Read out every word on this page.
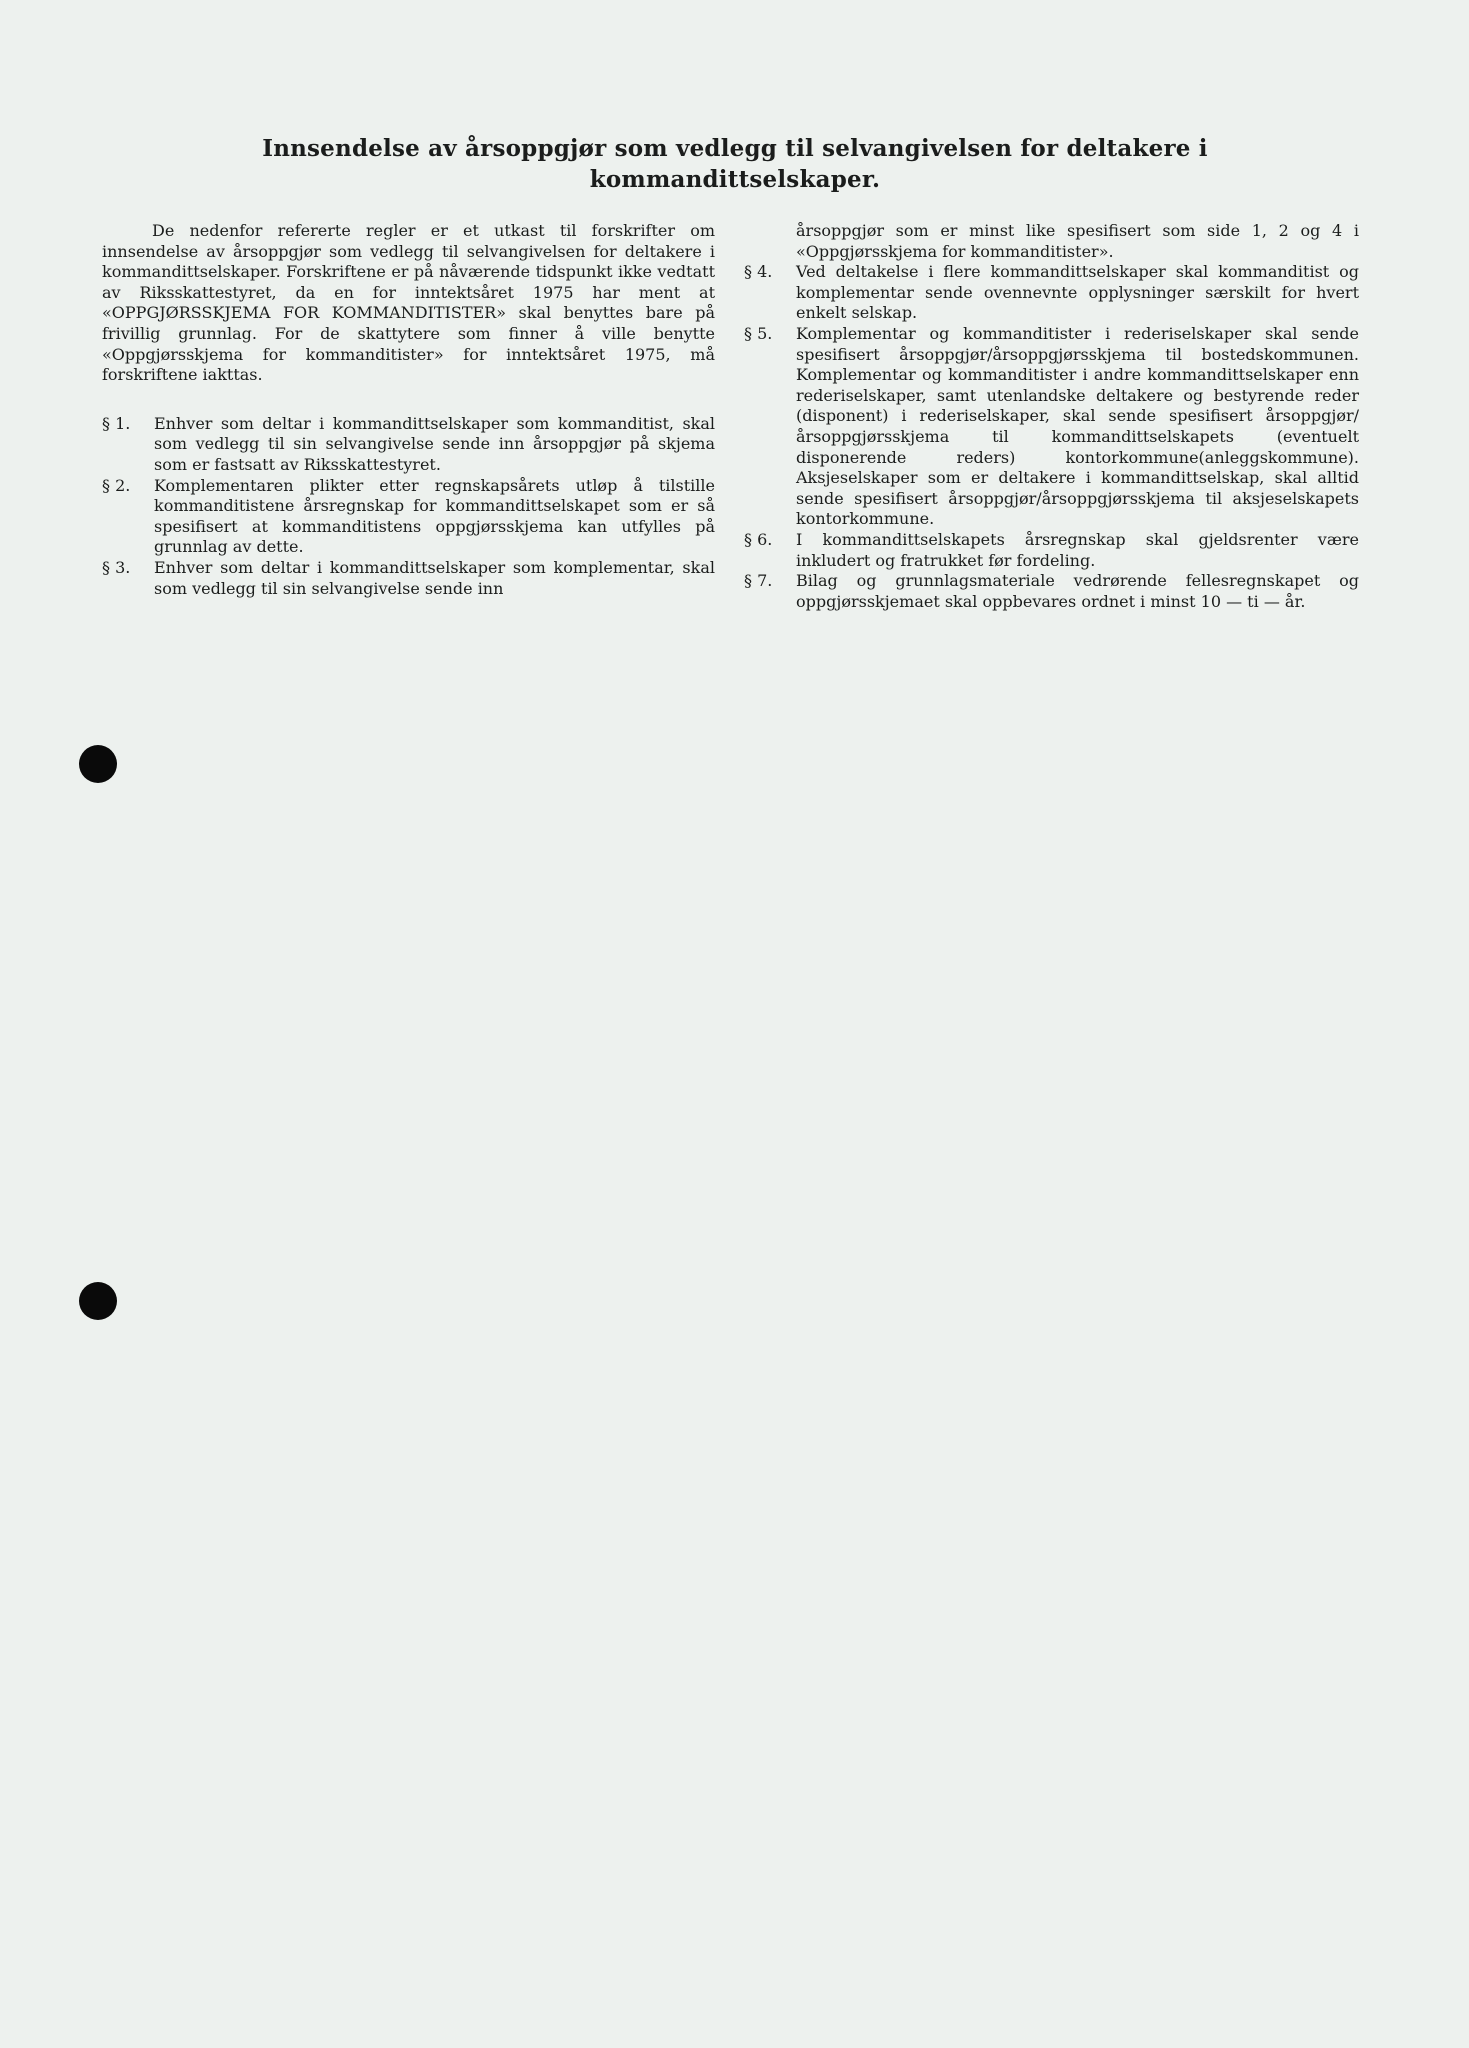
Innsendelse av årsoppgjør som vedlegg til selvangivelsen for deltakere i kommandittselskaper.

De nedenfor refererte regler er et utkast til forskrifter om innsendelse av årsoppgjør som vedlegg til selvangivelsen for deltakere i kommandittselskaper. Forskriftene er på nåværende tidspunkt ikke vedtatt av Riksskattestyret, da en for inntektsåret 1975 har ment at «OPPGJØRSSKJEMA FOR KOMMANDITISTER» skal benyttes bare på frivillig grunnlag. For de skattytere som finner å ville benytte «Oppgjørsskjema for kommanditister» for inntektsåret 1975, må forskriftene iakttas.

§ 1.	Enhver som deltar i kommandittselskaper som kommanditist, skal som vedlegg til sin selvangivelse sende inn årsoppgjør på skjema som er fastsatt av Riksskattestyret.
§ 2.	Komplementaren plikter etter regnskapsårets utløp å tilstille kommanditistene årsregnskap for kommandittselskapet som er så spesifisert at kommanditistens oppgjørsskjema kan utfylles på grunnlag av dette.
§ 3.	Enhver som deltar i kommandittselskaper som komplementar, skal som vedlegg til sin selvangivelse sende inn

årsoppgjør som er minst like spesifisert som side 1, 2 og 4 i «Oppgjørsskjema for kommanditister».

§ 4.	Ved deltakelse i flere kommandittselskaper skal kommanditist og komplementar sende ovennevnte opplysninger særskilt for hvert enkelt selskap.
§ 5.	Komplementar og kommanditister i rederiselskaper skal sende spesifisert årsoppgjør/årsoppgjørsskjema til bostedskommunen. Komplementar og kommanditister i andre kommandittselskaper enn rederiselskaper, samt utenlandske deltakere og bestyrende reder (disponent) i rederiselskaper, skal sende spesifisert årsoppgjør/årsoppgjørsskjema til kommandittselskapets (eventuelt disponerende reders) kontorkommune(anleggskommune). Aksjeselskaper som er deltakere i kommandittselskap, skal alltid sende spesifisert årsoppgjør/årsoppgjørsskjema til aksjeselskapets kontorkommune.
§ 6.	I kommandittselskapets årsregnskap skal gjeldsrenter være inkludert og fratrukket før fordeling.
§ 7.	Bilag og grunnlagsmateriale vedrørende fellesregnskapet og oppgjørsskjemaet skal oppbevares ordnet i minst 10 — ti — år.
